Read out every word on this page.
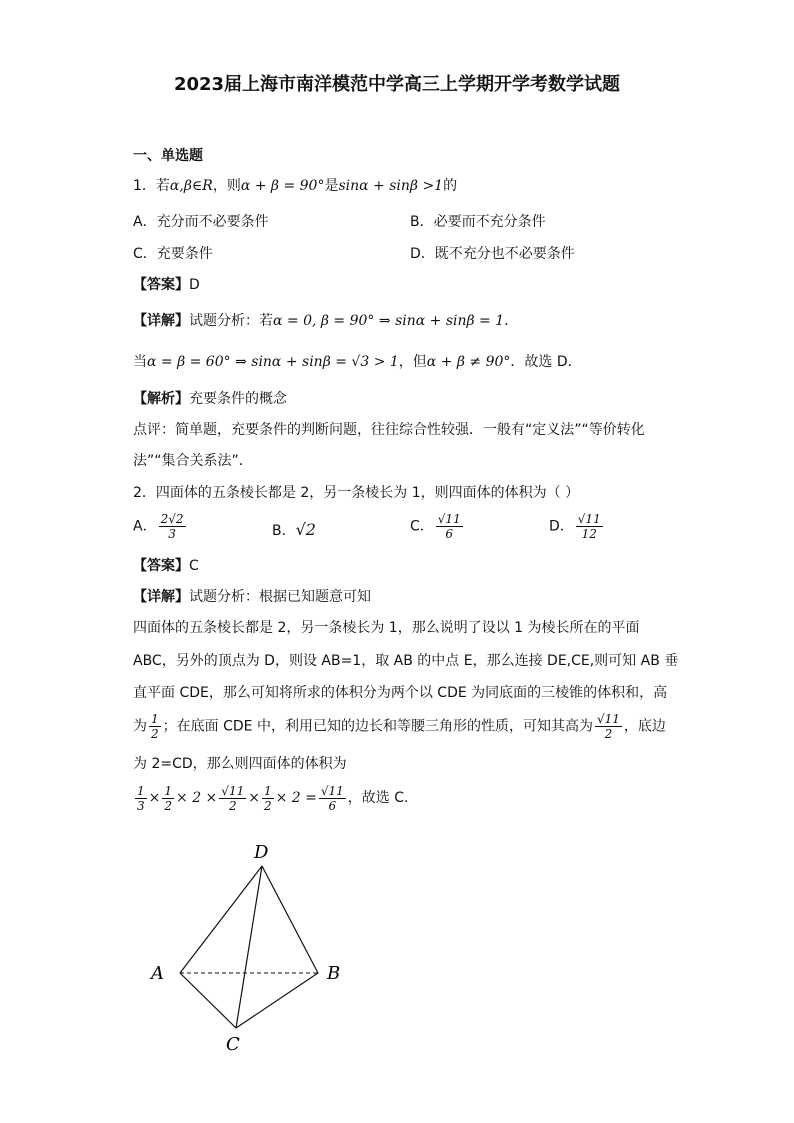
2023届上海市南洋模范中学高三上学期开学考数学试题
一、单选题
1．若α,β∈R，则α + β = 90°是sinα + sinβ >1的
A．充分而不必要条件	B．必要而不充分条件
C．充要条件	D．既不充分也不必要条件
【答案】D
【详解】试题分析：若α = 0, β = 90° ⇒ sinα + sinβ = 1．
当α = β = 60° ⇒ sinα + sinβ = √3 > 1，但α + β ≠ 90°．故选 D．
【解析】充要条件的概念
点评：简单题，充要条件的判断问题，往往综合性较强．一般有“定义法”“等价转化
法”“集合关系法”．
2．四面体的五条棱长都是 2，另一条棱长为 1，则四面体的体积为（ ）
A． $\frac{2√2}{3}$	B．√2	C． $\frac{√11}{6}$	D． $\frac{√11}{12}$
【答案】C
【详解】试题分析：根据已知题意可知
四面体的五条棱长都是 2，另一条棱长为 1，那么说明了设以 1 为棱长所在的平面
ABC，另外的顶点为 D，则设 AB=1，取 AB 的中点 E，那么连接 DE,CE,则可知 AB 垂
直平面 CDE，那么可知将所求的体积分为两个以 CDE 为同底面的三棱锥的体积和，高
为 $\frac{1}{2}$ ；在底面 CDE 中，利用已知的边长和等腰三角形的性质，可知其高为 $\frac{√11}{2}$ ，底边
为 2=CD，那么则四面体的体积为
$\frac{1}{3} \times \frac{1}{2} \times 2 \times \frac{√11}{2} \times \frac{1}{2} \times 2 = \frac{√11}{6}$ ，故选 C.
D
A	B
C
